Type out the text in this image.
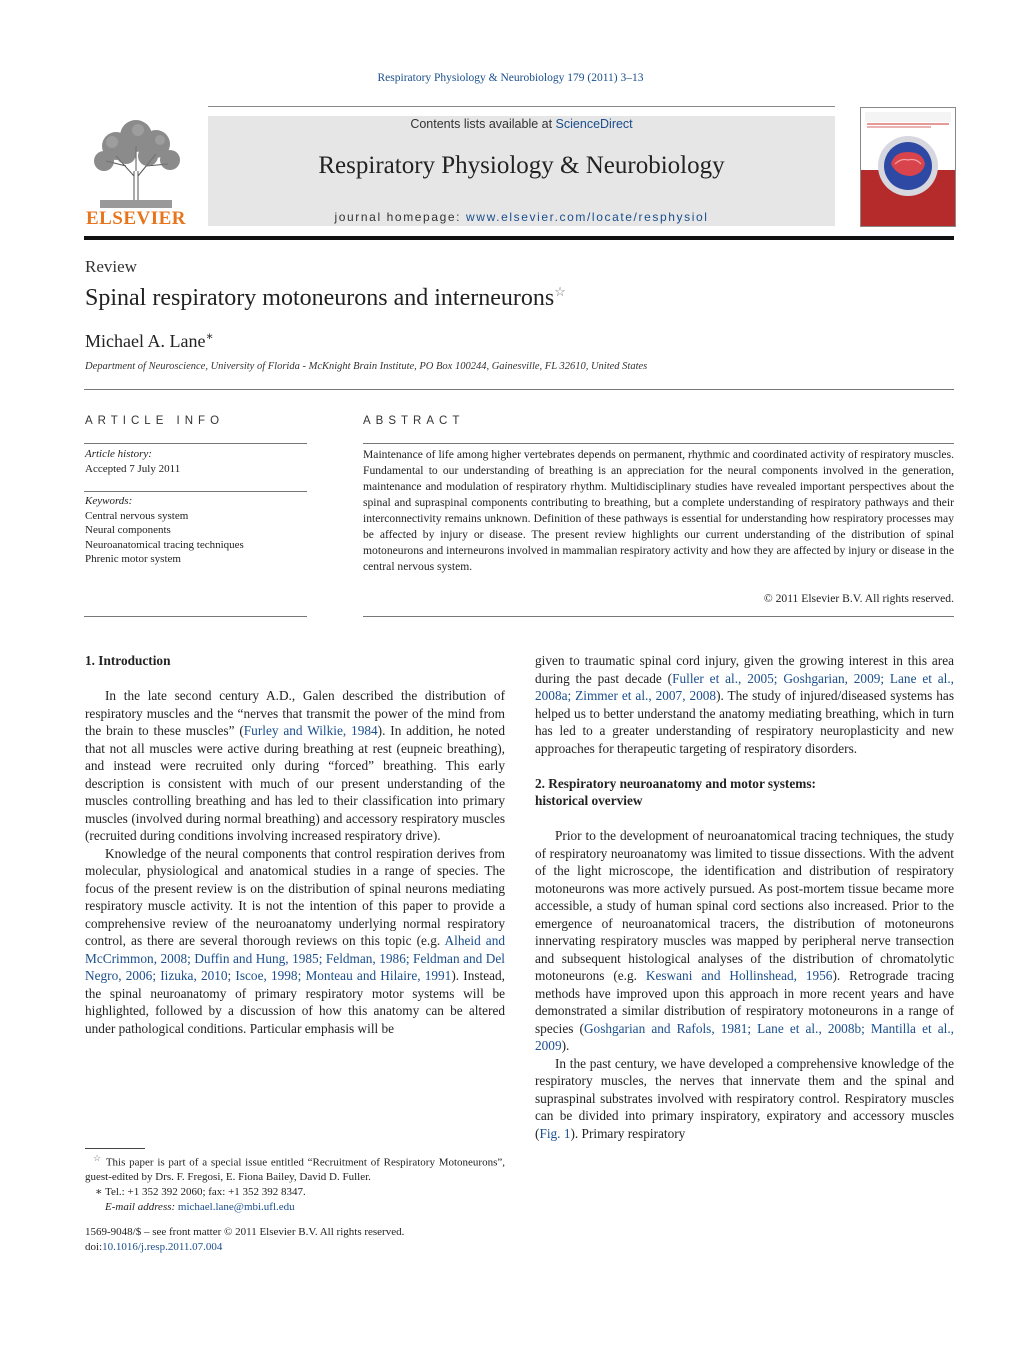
Respiratory Physiology & Neurobiology 179 (2011) 3–13
ELSEVIER
Contents lists available at ScienceDirect
Respiratory Physiology & Neurobiology
journal homepage: www.elsevier.com/locate/resphysiol
Review
Spinal respiratory motoneurons and interneurons☆
Michael A. Lane∗
Department of Neuroscience, University of Florida - McKnight Brain Institute, PO Box 100244, Gainesville, FL 32610, United States
ARTICLE INFO	ABSTRACT
Article history:
Accepted 7 July 2011
Keywords:
Central nervous system
Neural components
Neuroanatomical tracing techniques
Phrenic motor system
Maintenance of life among higher vertebrates depends on permanent, rhythmic and coordinated activity of respiratory muscles. Fundamental to our understanding of breathing is an appreciation for the neural components involved in the generation, maintenance and modulation of respiratory rhythm. Multidisciplinary studies have revealed important perspectives about the spinal and supraspinal components contributing to breathing, but a complete understanding of respiratory pathways and their interconnectivity remains unknown. Definition of these pathways is essential for understanding how respiratory processes may be affected by injury or disease. The present review highlights our current understanding of the distribution of spinal motoneurons and interneurons involved in mammalian respiratory activity and how they are affected by injury or disease in the central nervous system.
© 2011 Elsevier B.V. All rights reserved.
1. Introduction

In the late second century A.D., Galen described the distribution of respiratory muscles and the “nerves that transmit the power of the mind from the brain to these muscles” (Furley and Wilkie, 1984). In addition, he noted that not all muscles were active during breathing at rest (eupneic breathing), and instead were recruited only during “forced” breathing. This early description is consistent with much of our present understanding of the muscles controlling breathing and has led to their classification into primary muscles (involved during normal breathing) and accessory respiratory muscles (recruited during conditions involving increased respiratory drive).

Knowledge of the neural components that control respiration derives from molecular, physiological and anatomical studies in a range of species. The focus of the present review is on the distribution of spinal neurons mediating respiratory muscle activity. It is not the intention of this paper to provide a comprehensive review of the neuroanatomy underlying normal respiratory control, as there are several thorough reviews on this topic (e.g. Alheid and McCrimmon, 2008; Duffin and Hung, 1985; Feldman, 1986; Feldman and Del Negro, 2006; Iizuka, 2010; Iscoe, 1998; Monteau and Hilaire, 1991). Instead, the spinal neuroanatomy of primary respiratory motor systems will be highlighted, followed by a discussion of how this anatomy can be altered under pathological conditions. Particular emphasis will be

given to traumatic spinal cord injury, given the growing interest in this area during the past decade (Fuller et al., 2005; Goshgarian, 2009; Lane et al., 2008a; Zimmer et al., 2007, 2008). The study of injured/diseased systems has helped us to better understand the anatomy mediating breathing, which in turn has led to a greater understanding of respiratory neuroplasticity and new approaches for therapeutic targeting of respiratory disorders.

2. Respiratory neuroanatomy and motor systems:
historical overview

Prior to the development of neuroanatomical tracing techniques, the study of respiratory neuroanatomy was limited to tissue dissections. With the advent of the light microscope, the identification and distribution of respiratory motoneurons was more actively pursued. As post-mortem tissue became more accessible, a study of human spinal cord sections also increased. Prior to the emergence of neuroanatomical tracers, the distribution of motoneurons innervating respiratory muscles was mapped by peripheral nerve transection and subsequent histological analyses of the distribution of chromatolytic motoneurons (e.g. Keswani and Hollinshead, 1956). Retrograde tracing methods have improved upon this approach in more recent years and have demonstrated a similar distribution of respiratory motoneurons in a range of species (Goshgarian and Rafols, 1981; Lane et al., 2008b; Mantilla et al., 2009).

In the past century, we have developed a comprehensive knowledge of the respiratory muscles, the nerves that innervate them and the spinal and supraspinal substrates involved with respiratory control. Respiratory muscles can be divided into primary inspiratory, expiratory and accessory muscles (Fig. 1). Primary respiratory

☆ This paper is part of a special issue entitled “Recruitment of Respiratory Motoneurons”, guest-edited by Drs. F. Fregosi, E. Fiona Bailey, David D. Fuller.
∗ Tel.: +1 352 392 2060; fax: +1 352 392 8347.
E-mail address: michael.lane@mbi.ufl.edu
1569-9048/$ – see front matter © 2011 Elsevier B.V. All rights reserved.
doi:10.1016/j.resp.2011.07.004
